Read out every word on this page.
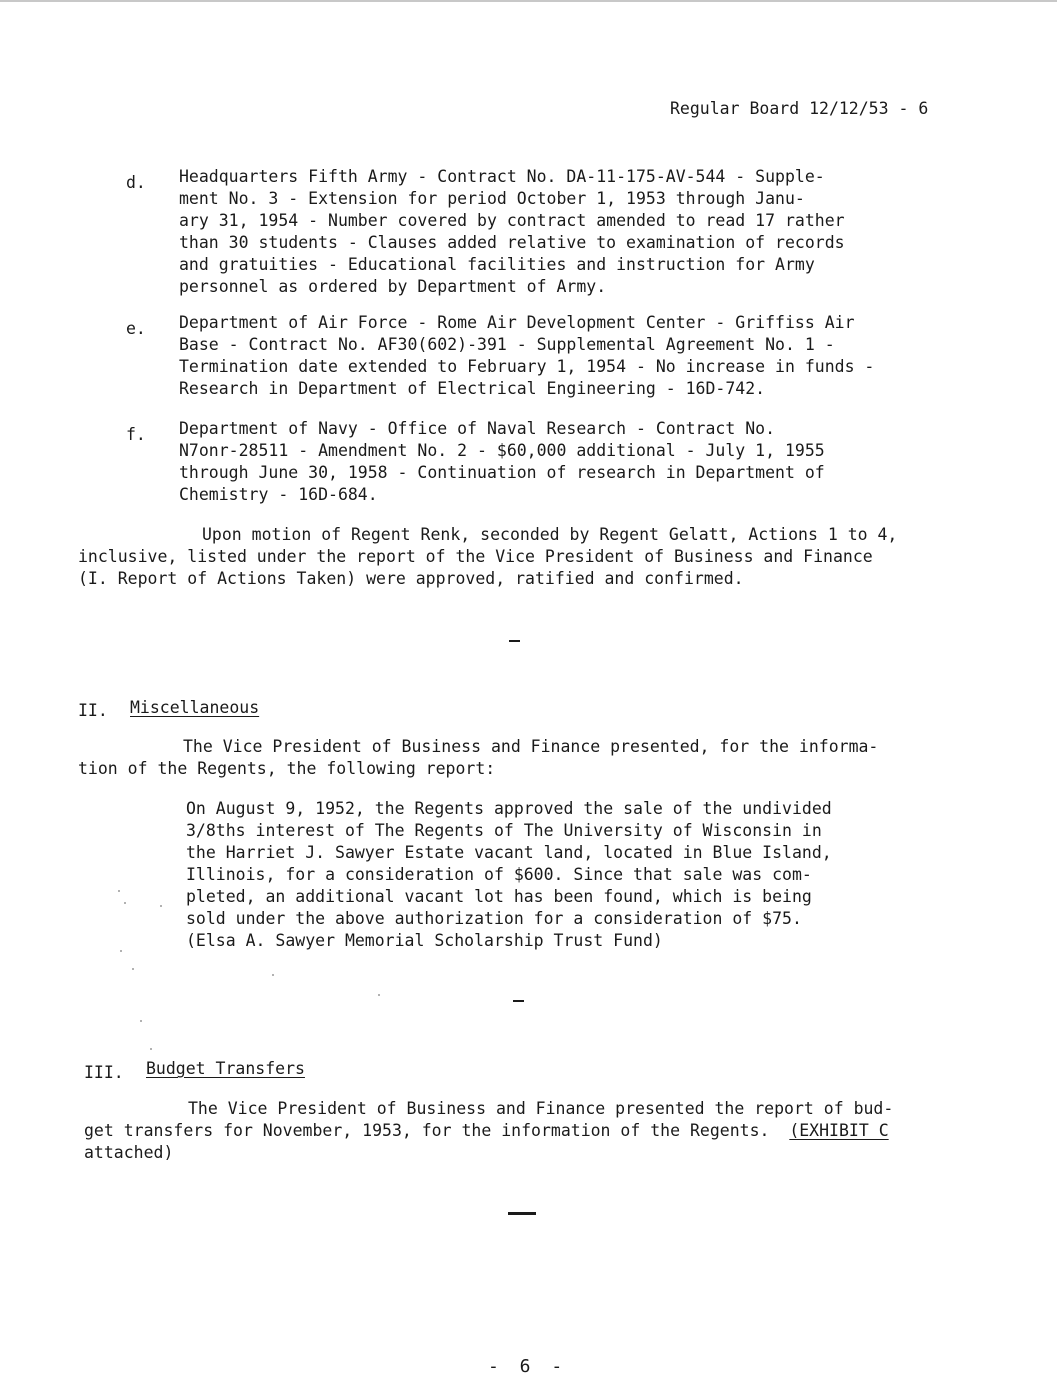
Regular Board 12/12/53 - 6
d. Headquarters Fifth Army - Contract No. DA-11-175-AV-544 - Supple-
ment No. 3 - Extension for period October 1, 1953 through Janu-
ary 31, 1954 - Number covered by contract amended to read 17 rather
than 30 students - Clauses added relative to examination of records
and gratuities - Educational facilities and instruction for Army
personnel as ordered by Department of Army.
e. Department of Air Force - Rome Air Development Center - Griffiss Air
Base - Contract No. AF30(602)-391 - Supplemental Agreement No. 1 -
Termination date extended to February 1, 1954 - No increase in funds -
Research in Department of Electrical Engineering - 16D-742.
f. Department of Navy - Office of Naval Research - Contract No.
N7onr-28511 - Amendment No. 2 - $60,000 additional - July 1, 1955
through June 30, 1958 - Continuation of research in Department of
Chemistry - 16D-684.
Upon motion of Regent Renk, seconded by Regent Gelatt, Actions 1 to 4,
inclusive, listed under the report of the Vice President of Business and Finance
(I. Report of Actions Taken) were approved, ratified and confirmed.
II. Miscellaneous
The Vice President of Business and Finance presented, for the informa-
tion of the Regents, the following report:
On August 9, 1952, the Regents approved the sale of the undivided
3/8ths interest of The Regents of The University of Wisconsin in
the Harriet J. Sawyer Estate vacant land, located in Blue Island,
Illinois, for a consideration of $600. Since that sale was com-
pleted, an additional vacant lot has been found, which is being
sold under the above authorization for a consideration of $75.
(Elsa A. Sawyer Memorial Scholarship Trust Fund)
III. Budget Transfers
The Vice President of Business and Finance presented the report of bud-
get transfers for November, 1953, for the information of the Regents. (EXHIBIT C
attached)
- 6 -
